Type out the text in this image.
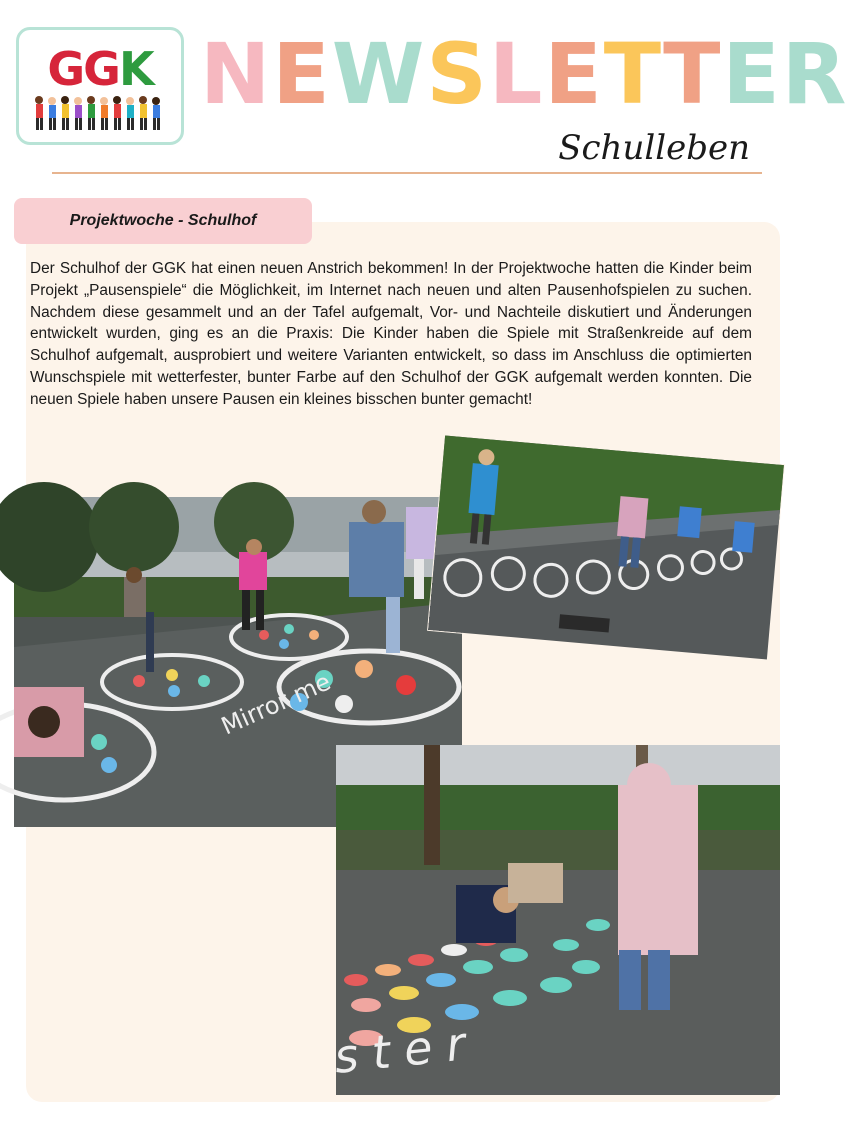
GGK NEWSLETTER
Schulleben
Projektwoche - Schulhof

Der Schulhof der GGK hat einen neuen Anstrich bekommen! In der Projektwoche hatten die Kinder beim Projekt „Pausenspiele“ die Möglichkeit, im Internet nach neuen und alten Pausenhofspielen zu suchen. Nachdem diese gesammelt und an der Tafel aufgemalt, Vor- und Nachteile diskutiert und Änderungen entwickelt wurden, ging es an die Praxis: Die Kinder haben die Spiele mit Straßenkreide auf dem Schulhof aufgemalt, ausprobiert und weitere Varianten entwickelt, so dass im Anschluss die optimierten Wunschspiele mit wetterfester, bunter Farbe auf den Schulhof der GGK aufgemalt werden konnten. Die neuen Spiele haben unsere Pausen ein kleines bisschen bunter gemacht!

Mirror me
ster
